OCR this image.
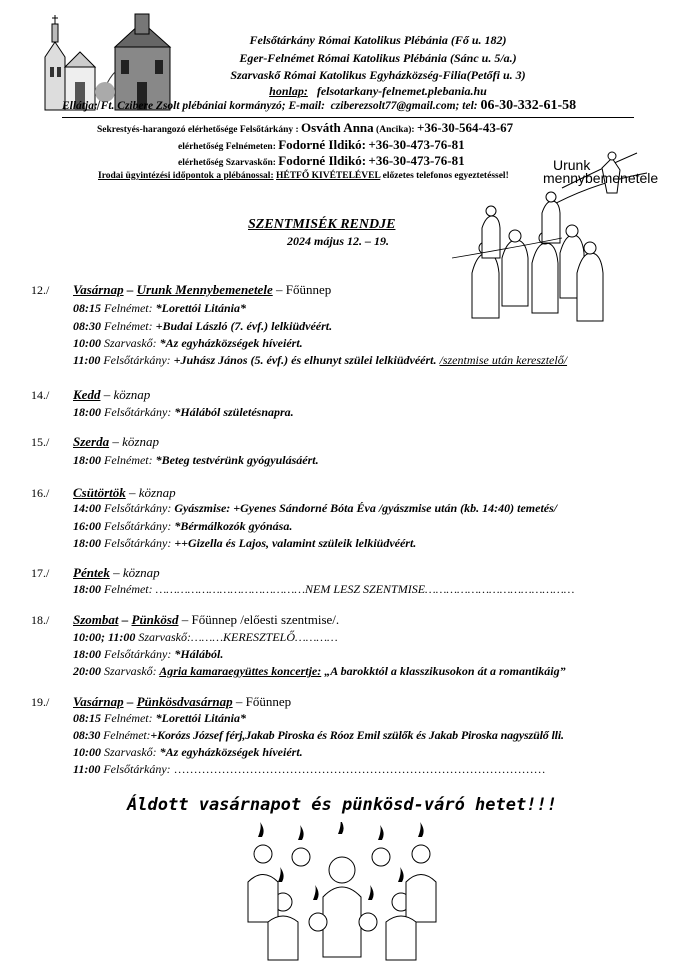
Felsőtárkány Római Katolikus Plébánia (Fő u. 182)
Eger-Felnémet Római Katolikus Plébánia (Sánc u. 5/a.)
Szarvaskő Római Katolikus Egyházközség-Filia(Petőfi u. 3)
honlap: felsotarkany-felnemet.plebania.hu
Ellátja: Ft. Czibere Zsolt plébániai kormányzó; E-mail: cziberezsolt77@gmail.com; tel: 06-30-332-61-58
Sekrestyés-harangozó elérhetősége Felsőtárkány : Osváth Anna (Ancika): +36-30-564-43-67
elérhetőség Felnémeten: Fodorné Ildikó: +36-30-473-76-81
elérhetőség Szarvaskőn: Fodorné Ildikó: +36-30-473-76-81
Irodai ügyintézési időpontok a plébánossal: HÉTFŐ KIVÉTELÉVEL előzetes telefonos egyeztetéssel!
Urunk
mennybemenetele
SZENTMISÉK RENDJE
2024 május 12. – 19.
12./ Vasárnap – Urunk Mennybemenetele – Főünnep
08:15 Felnémet: *Lorettói Litánia*
08:30 Felnémet: +Budai László (7. évf.) lelkiüdvéért.
10:00 Szarvaskő: *Az egyházközségek híveiért.
11:00 Felsőtárkány: +Juhász János (5. évf.) és elhunyt szülei lelkiüdvéért. /szentmise után keresztelő/
14./ Kedd – köznap
18:00 Felsőtárkány: *Hálából születésnapra.
15./ Szerda – köznap
18:00 Felnémet: *Beteg testvérünk gyógyulásáért.
16./ Csütörtök – köznap
14:00 Felsőtárkány: Gyászmise: +Gyenes Sándorné Bóta Éva /gyászmise után (kb. 14:40) temetés/
16:00 Felsőtárkány: *Bérmálkozók gyónása.
18:00 Felsőtárkány: ++Gizella és Lajos, valamint szüleik lelkiüdvéért.
17./ Péntek – köznap
18:00 Felnémet: ……………………………………NEM LESZ SZENTMISE……………………………………
18./ Szombat – Pünkösd – Főünnep /előesti szentmise/.
10:00; 11:00 Szarvaskő:………KERESZTELŐ…………
18:00 Felsőtárkány: *Hálából.
20:00 Szarvaskő: Agria kamaraegyüttes koncertje: „A barokktól a klasszikusokon át a romantikáig”
19./ Vasárnap – Pünkösdvasárnap – Főünnep
08:15 Felnémet: *Lorettói Litánia*
08:30 Felnémet:+Korózs József férj,Jakab Piroska és Róoz Emil szülők és Jakab Piroska nagyszülő lli.
10:00 Szarvaskő: *Az egyházközségek híveiért.
11:00 Felsőtárkány: …………………………………………………………………………………
Áldott vasárnapot és pünkösd-váró hetet!!!
